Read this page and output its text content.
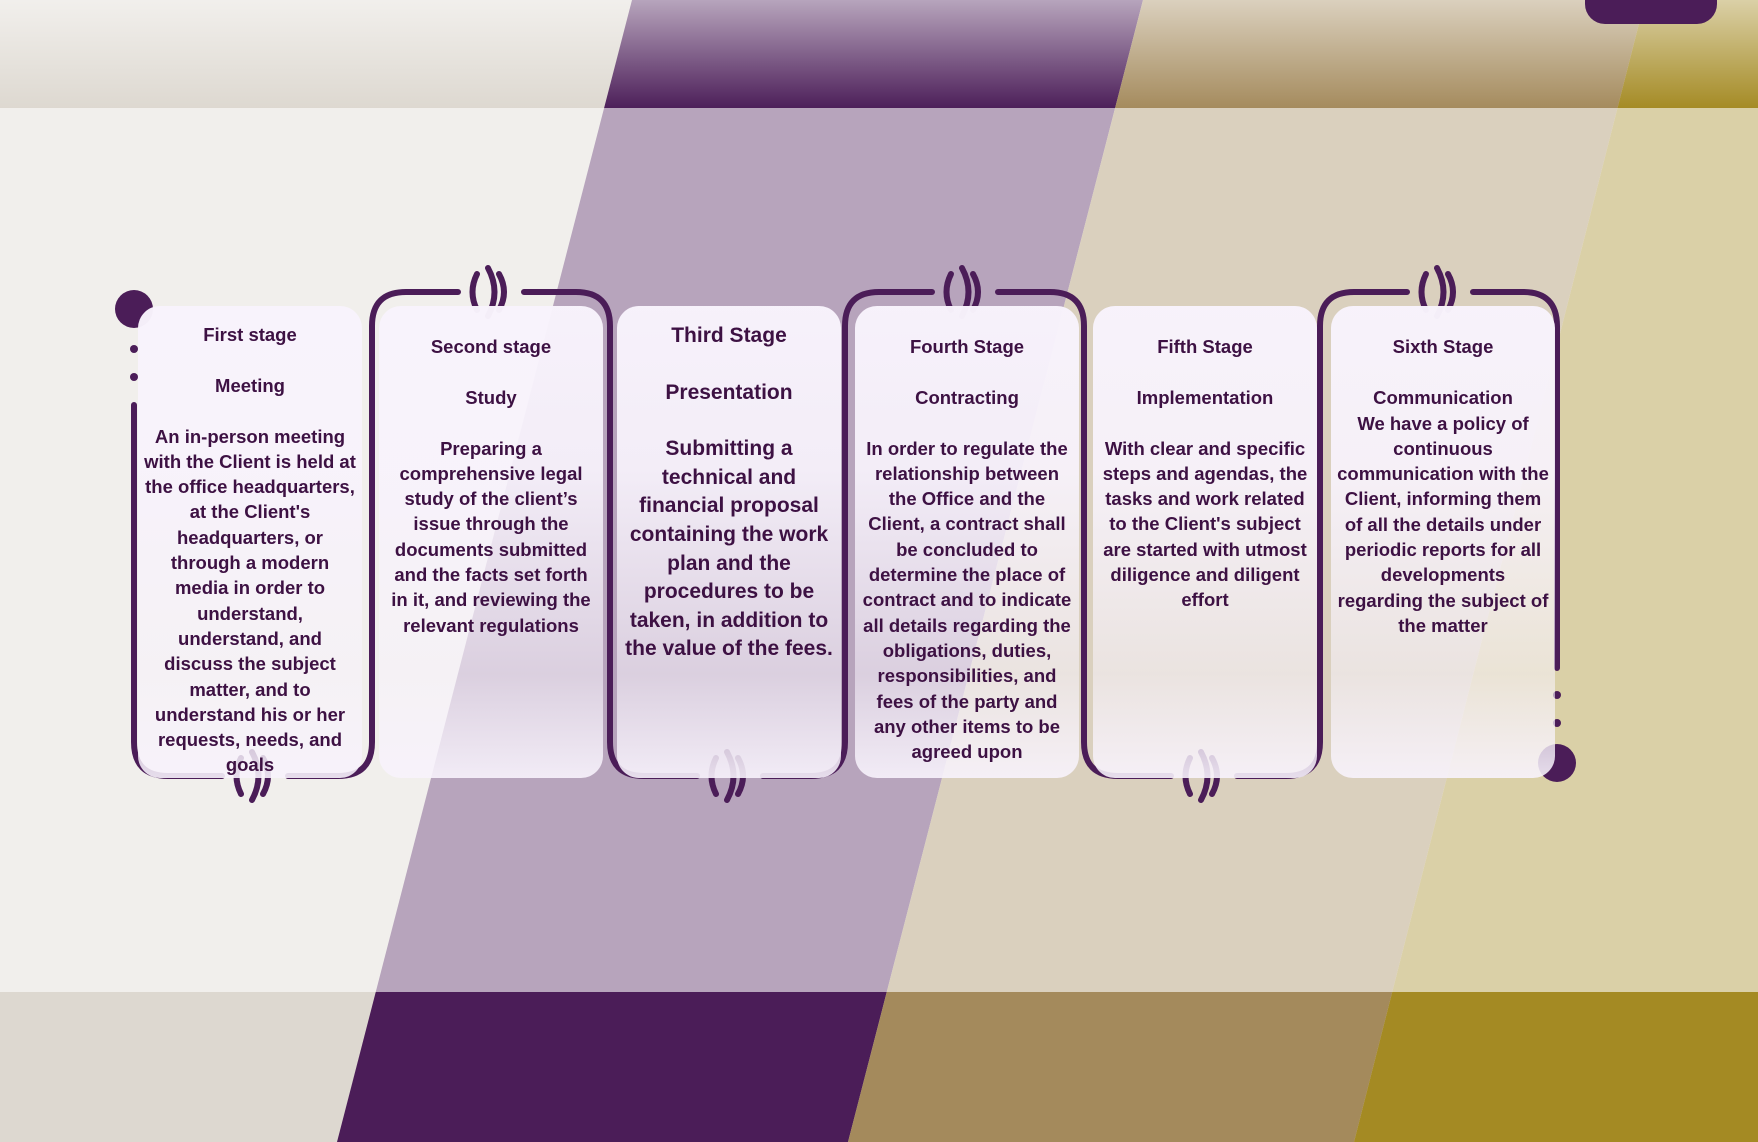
First stage
Meeting
An in-person meeting with the Client is held at the office headquarters, at the Client's headquarters, or through a modern media in order to understand, understand, and discuss the subject matter, and to understand his or her requests, needs, and goals
Second stage
Study
Preparing a comprehensive legal study of the client’s issue through the documents submitted and the facts set forth in it, and reviewing the relevant regulations
Third Stage
Presentation
Submitting a technical and financial proposal containing the work plan and the procedures to be taken, in addition to the value of the fees.
Fourth Stage
Contracting
In order to regulate the relationship between the Office and the Client, a contract shall be concluded to determine the place of contract and to indicate all details regarding the obligations, duties, responsibilities, and fees of the party and any other items to be agreed upon
Fifth Stage
Implementation
With clear and specific steps and agendas, the tasks and work related to the Client's subject are started with utmost diligence and diligent effort
Sixth Stage
Communication
We have a policy of continuous communication with the Client, informing them of all the details under periodic reports for all developments regarding the subject of the matter
